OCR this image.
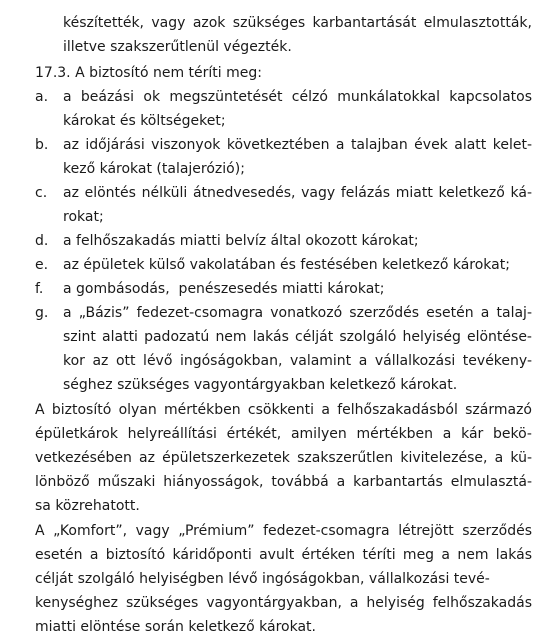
készítették, vagy azok szükséges karbantartását elmulasztották,
illetve szakszerűtlenül végezték.
17.3. A biztosító nem téríti meg:
a. a beázási ok megszüntetését célzó munkálatokkal kapcsolatos
károkat és költségeket;
b. az időjárási viszonyok következtében a talajban évek alatt kelet-
kező károkat (talajerózió);
c. az elöntés nélküli átnedvesedés, vagy felázás miatt keletkező ká-
rokat;
d. a felhőszakadás miatti belvíz által okozott károkat;
e. az épületek külső vakolatában és festésében keletkező károkat;
f. a gombásodás,  penészesedés miatti károkat;
g. a „Bázis” fedezet-csomagra vonatkozó szerződés esetén a talaj-
szint alatti padozatú nem lakás célját szolgáló helyiség elöntése-
kor az ott lévő ingóságokban, valamint a vállalkozási tevékeny-
séghez szükséges vagyontárgyakban keletkező károkat.
A biztosító olyan mértékben csökkenti a felhőszakadásból származó
épületkárok helyreállítási értékét, amilyen mértékben a kár bekö-
vetkezésében az épületszerkezetek szakszerűtlen kivitelezése, a kü-
lönböző műszaki hiányosságok, továbbá a karbantartás elmulasztá-
sa közrehatott.
A „Komfort”, vagy „Prémium” fedezet-csomagra létrejött szerződés
esetén a biztosító káridőponti avult értéken téríti meg a nem lakás
célját szolgáló helyiségben lévő ingóságokban, vállalkozási tevé-
kenységhez szükséges vagyontárgyakban, a helyiség felhőszakadás
miatti elöntése során keletkező károkat.
